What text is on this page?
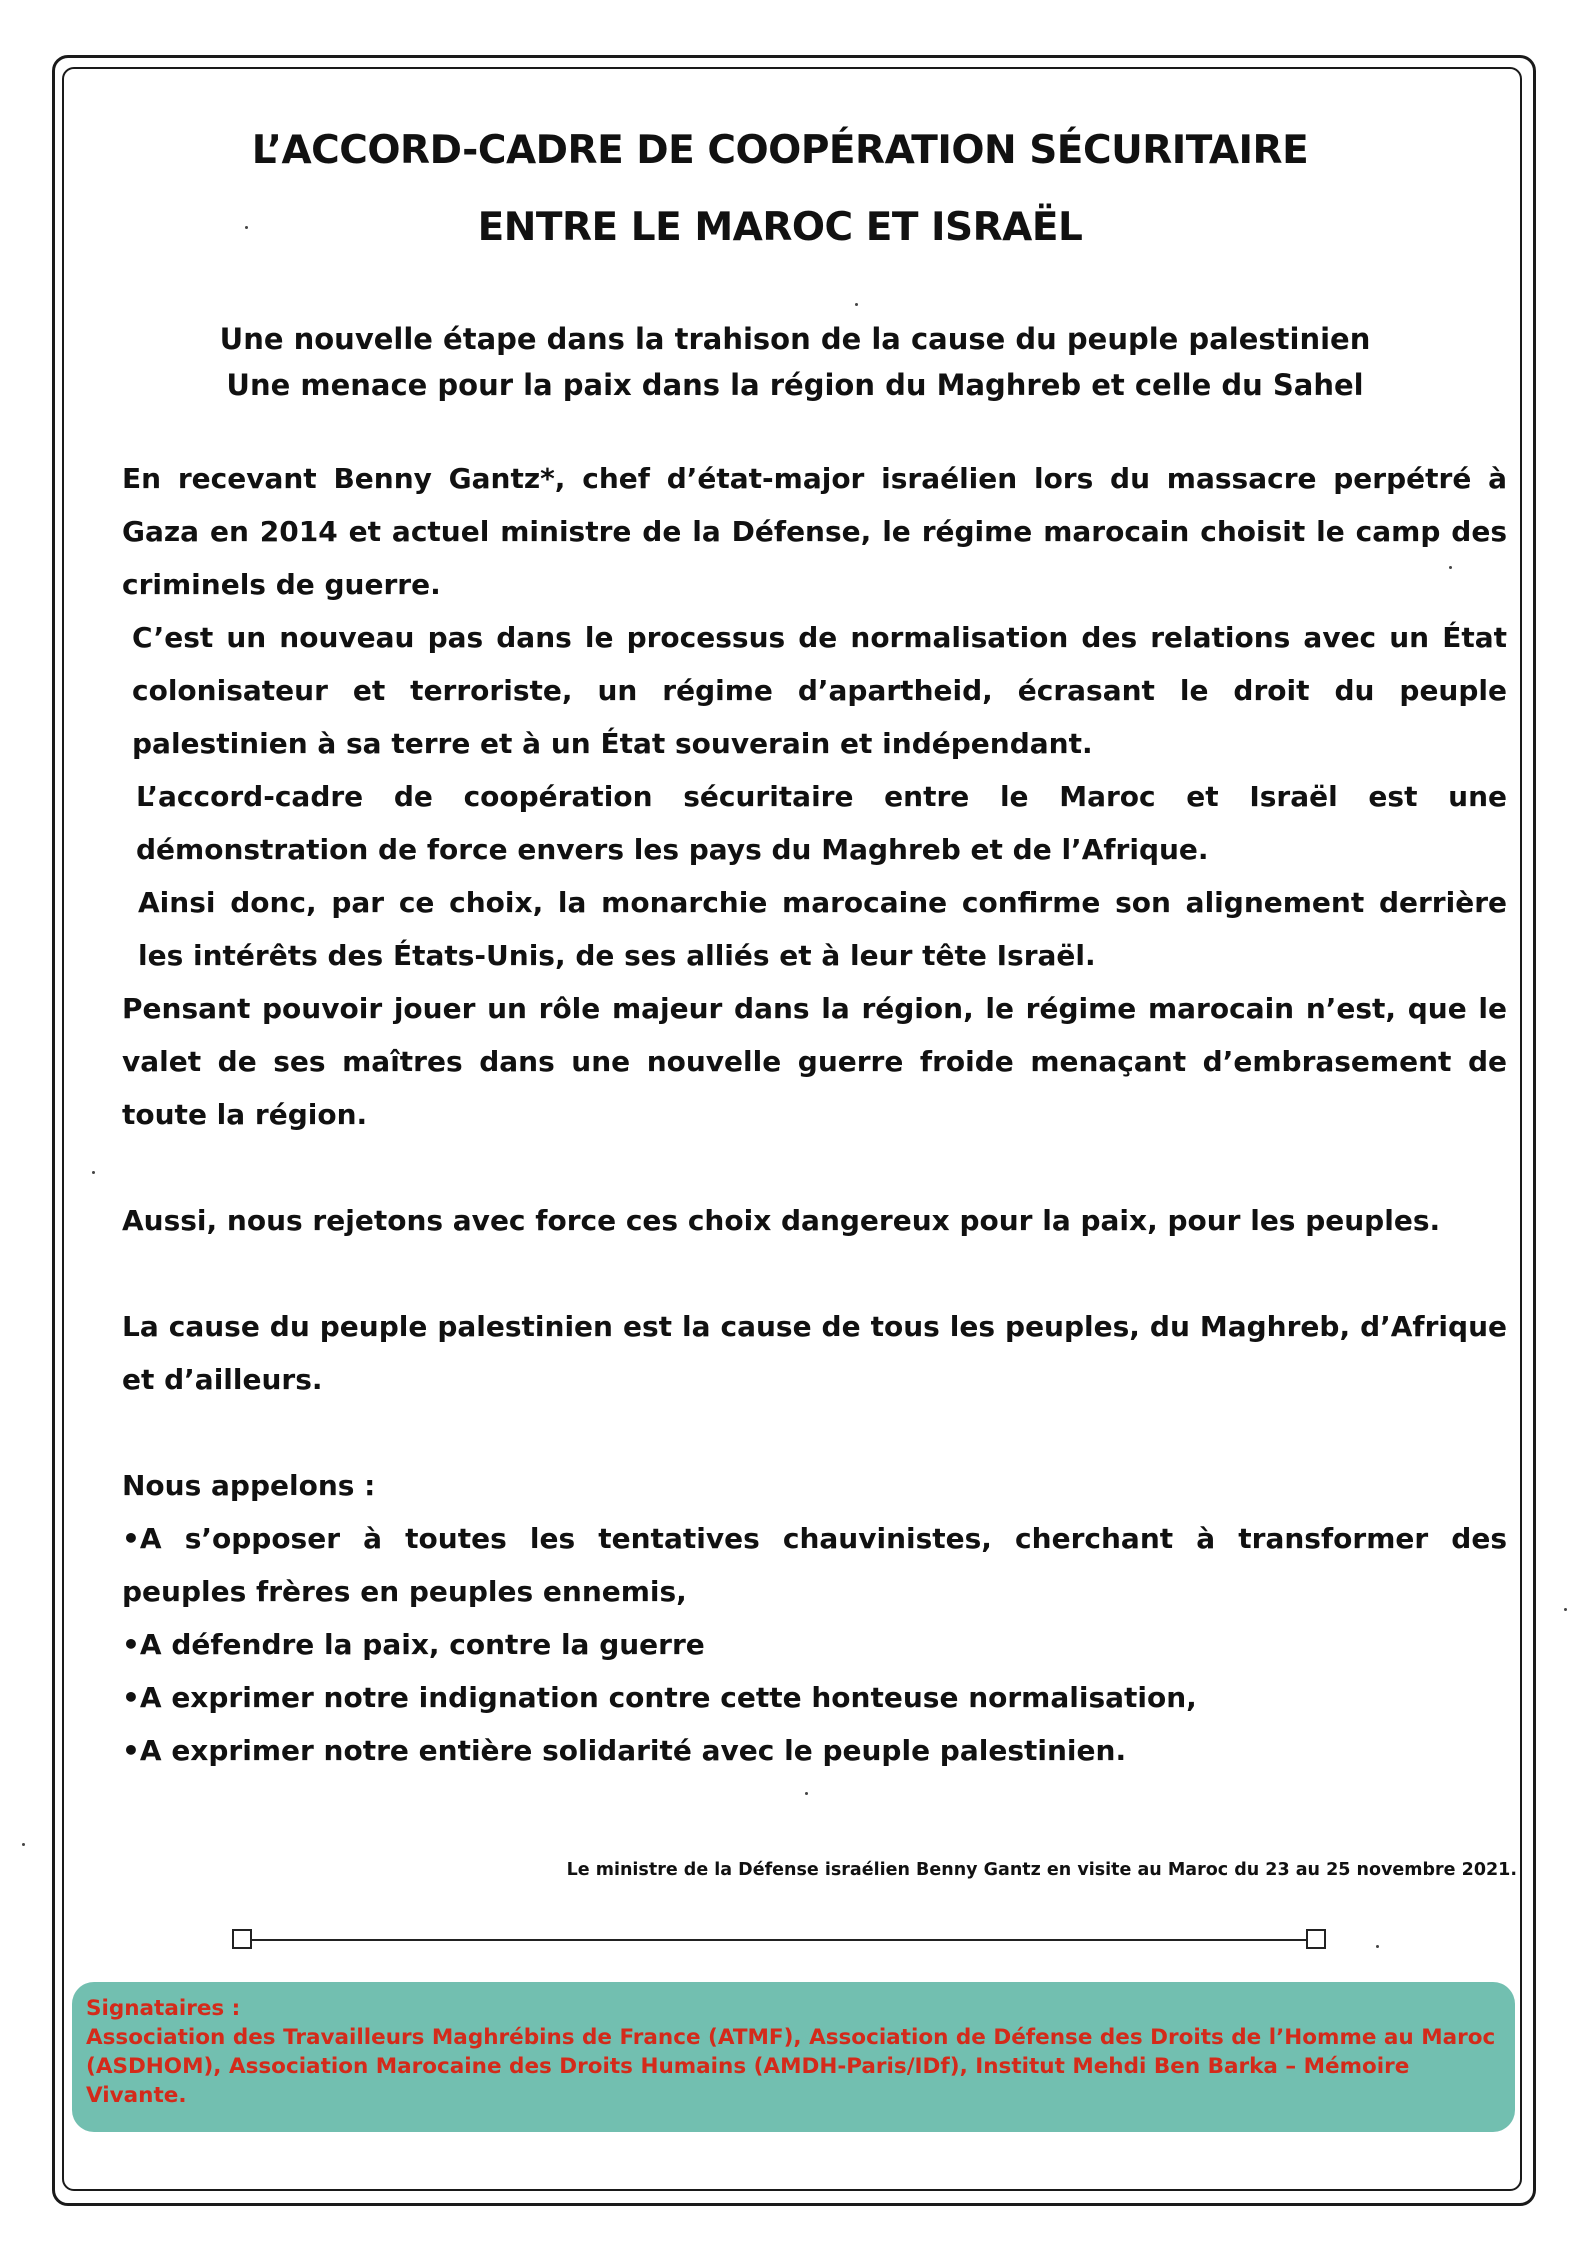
L’ACCORD-CADRE DE COOPÉRATION SÉCURITAIRE
ENTRE LE MAROC ET ISRAËL
Une nouvelle étape dans la trahison de la cause du peuple palestinien
Une menace pour la paix dans la région du Maghreb et celle du Sahel

En recevant Benny Gantz*, chef d’état-major israélien lors du massacre perpétré à Gaza en 2014 et actuel ministre de la Défense, le régime marocain choisit le camp des criminels de guerre.

C’est un nouveau pas dans le processus de normalisation des relations avec un État colonisateur et terroriste, un régime d’apartheid, écrasant le droit du peuple palestinien à sa terre et à un État souverain et indépendant.

L’accord-cadre de coopération sécuritaire entre le Maroc et Israël est une démonstration de force envers les pays du Maghreb et de l’Afrique.

Ainsi donc, par ce choix, la monarchie marocaine confirme son alignement derrière les intérêts des États-Unis, de ses alliés et à leur tête Israël.

Pensant pouvoir jouer un rôle majeur dans la région, le régime marocain n’est, que le valet de ses maîtres dans une nouvelle guerre froide menaçant d’embrasement de toute la région.

Aussi, nous rejetons avec force ces choix dangereux pour la paix, pour les peuples.

La cause du peuple palestinien est la cause de tous les peuples, du Maghreb, d’Afrique et d’ailleurs.

Nous appelons :

•A s’opposer à toutes les tentatives chauvinistes, cherchant à transformer des peuples frères en peuples ennemis,
•A défendre la paix, contre la guerre
•A exprimer notre indignation contre cette honteuse normalisation,
•A exprimer notre entière solidarité avec le peuple palestinien.
Le ministre de la Défense israélien Benny Gantz en visite au Maroc du 23 au 25 novembre 2021.

Signataires :

Association des Travailleurs Maghrébins de France (ATMF), Association de Défense des Droits de l’Homme au Maroc (ASDHOM), Association Marocaine des Droits Humains (AMDH-Paris/IDf), Institut Mehdi Ben Barka – Mémoire Vivante.
